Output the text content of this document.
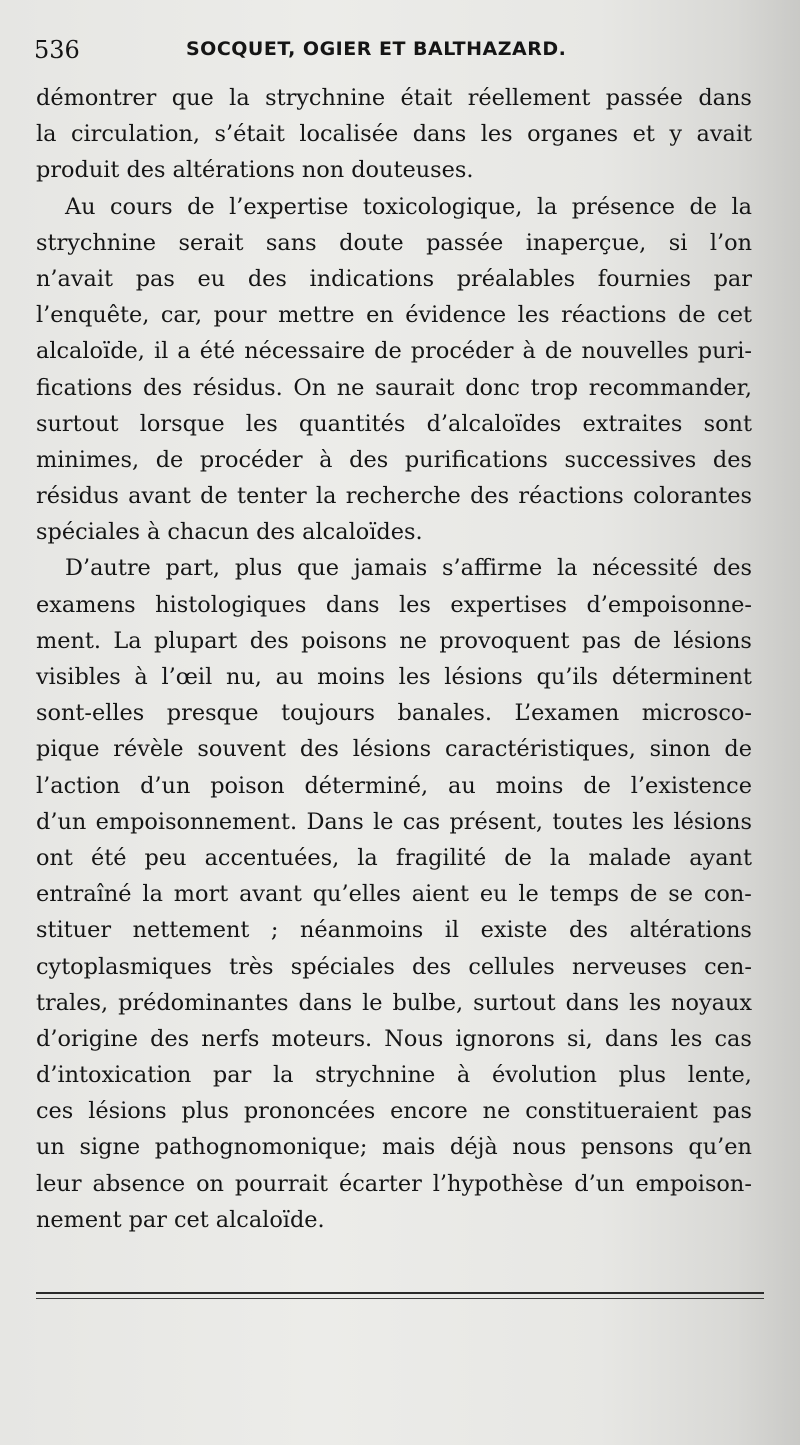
536	SOCQUET, OGIER ET BALTHAZARD.
démontrer que la strychnine était réellement passée dans
la circulation, s’était localisée dans les organes et y avait
produit des altérations non douteuses.
Au cours de l’expertise toxicologique, la présence de la
strychnine serait sans doute passée inaperçue, si l’on
n’avait pas eu des indications préalables fournies par
l’enquête, car, pour mettre en évidence les réactions de cet
alcaloïde, il a été nécessaire de procéder à de nouvelles puri-
fications des résidus. On ne saurait donc trop recommander,
surtout lorsque les quantités d’alcaloïdes extraites sont
minimes, de procéder à des purifications successives des
résidus avant de tenter la recherche des réactions colorantes
spéciales à chacun des alcaloïdes.
D’autre part, plus que jamais s’affirme la nécessité des
examens histologiques dans les expertises d’empoisonne-
ment. La plupart des poisons ne provoquent pas de lésions
visibles à l’œil nu, au moins les lésions qu’ils déterminent
sont-elles presque toujours banales. L’examen microsco-
pique révèle souvent des lésions caractéristiques, sinon de
l’action d’un poison déterminé, au moins de l’existence
d’un empoisonnement. Dans le cas présent, toutes les lésions
ont été peu accentuées, la fragilité de la malade ayant
entraîné la mort avant qu’elles aient eu le temps de se con-
stituer nettement ; néanmoins il existe des altérations
cytoplasmiques très spéciales des cellules nerveuses cen-
trales, prédominantes dans le bulbe, surtout dans les noyaux
d’origine des nerfs moteurs. Nous ignorons si, dans les cas
d’intoxication par la strychnine à évolution plus lente,
ces lésions plus prononcées encore ne constitueraient pas
un signe pathognomonique; mais déjà nous pensons qu’en
leur absence on pourrait écarter l’hypothèse d’un empoison-
nement par cet alcaloïde.
